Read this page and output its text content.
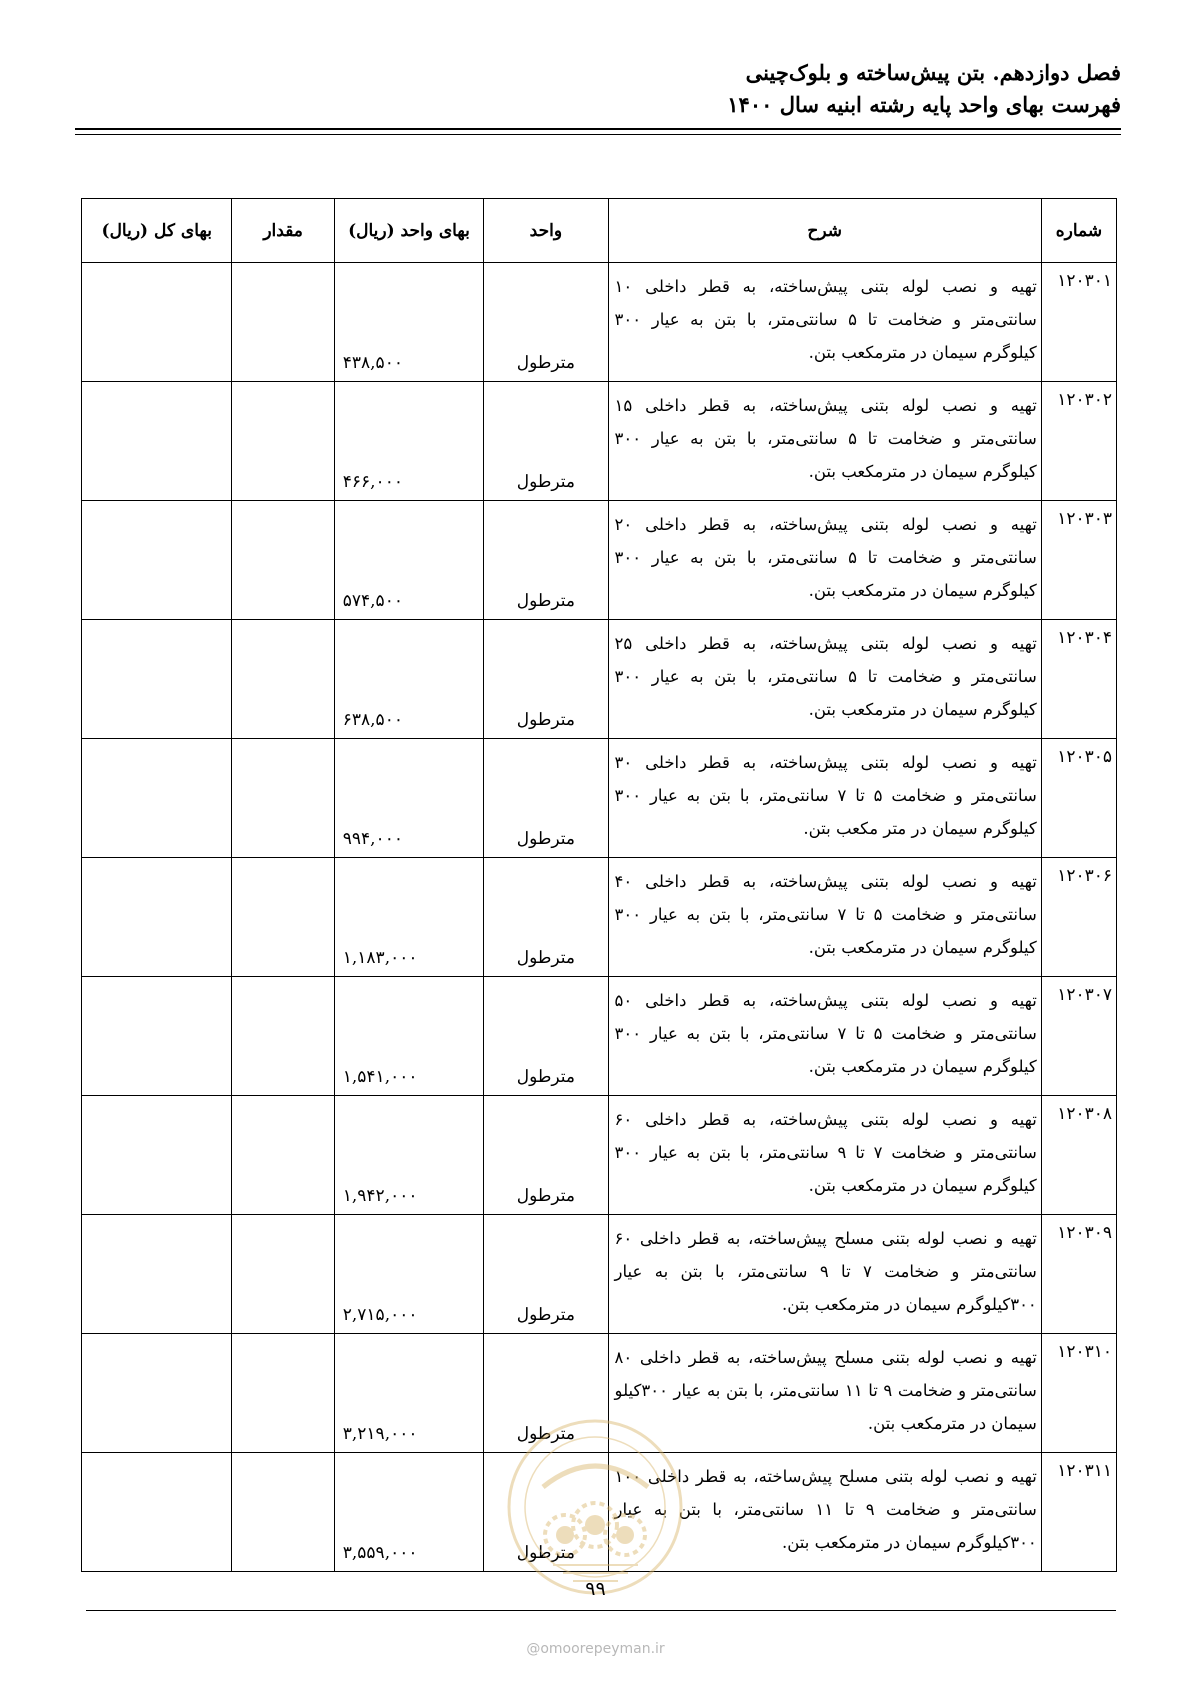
فصل دوازدهم. بتن پیش‌ساخته و بلوک‌چینی
فهرست بهای واحد پایه رشته ابنیه سال ۱۴۰۰
شماره	شرح	واحد	بهای واحد (ریال)	مقدار	بهای کل (ریال)
۱۲۰۳۰۱	تهیه و نصب لوله بتنی پیش‌ساخته، به قطر داخلی ۱۰ سانتی‌متر و ضخامت تا ۵ سانتی‌متر، با بتن به عیار ۳۰۰ کیلوگرم سیمان در مترمکعب بتن.	مترطول	۴۳۸,۵۰۰		
۱۲۰۳۰۲	تهیه و نصب لوله بتنی پیش‌ساخته، به قطر داخلی ۱۵ سانتی‌متر و ضخامت تا ۵ سانتی‌متر، با بتن به عیار ۳۰۰ کیلوگرم سیمان در مترمکعب بتن.	مترطول	۴۶۶,۰۰۰		
۱۲۰۳۰۳	تهیه و نصب لوله بتنی پیش‌ساخته، به قطر داخلی ۲۰ سانتی‌متر و ضخامت تا ۵ سانتی‌متر، با بتن به عیار ۳۰۰ کیلوگرم سیمان در مترمکعب بتن.	مترطول	۵۷۴,۵۰۰		
۱۲۰۳۰۴	تهیه و نصب لوله بتنی پیش‌ساخته، به قطر داخلی ۲۵ سانتی‌متر و ضخامت تا ۵ سانتی‌متر، با بتن به عیار ۳۰۰ کیلوگرم سیمان در مترمکعب بتن.	مترطول	۶۳۸,۵۰۰		
۱۲۰۳۰۵	تهیه و نصب لوله بتنی پیش‌ساخته، به قطر داخلی ۳۰ سانتی‌متر و ضخامت ۵ تا ۷ سانتی‌متر، با بتن به عیار ۳۰۰ کیلوگرم سیمان در متر مکعب بتن.	مترطول	۹۹۴,۰۰۰		
۱۲۰۳۰۶	تهیه و نصب لوله بتنی پیش‌ساخته، به قطر داخلی ۴۰ سانتی‌متر و ضخامت ۵ تا ۷ سانتی‌متر، با بتن به عیار ۳۰۰ کیلوگرم سیمان در مترمکعب بتن.	مترطول	۱,۱۸۳,۰۰۰		
۱۲۰۳۰۷	تهیه و نصب لوله بتنی پیش‌ساخته، به قطر داخلی ۵۰ سانتی‌متر و ضخامت ۵ تا ۷ سانتی‌متر، با بتن به عیار ۳۰۰ کیلوگرم سیمان در مترمکعب بتن.	مترطول	۱,۵۴۱,۰۰۰		
۱۲۰۳۰۸	تهیه و نصب لوله بتنی پیش‌ساخته، به قطر داخلی ۶۰ سانتی‌متر و ضخامت ۷ تا ۹ سانتی‌متر، با بتن به عیار ۳۰۰ کیلوگرم سیمان در مترمکعب بتن.	مترطول	۱,۹۴۲,۰۰۰		
۱۲۰۳۰۹	تهیه و نصب لوله بتنی مسلح پیش‌ساخته، به قطر داخلی ۶۰ سانتی‌متر و ضخامت ۷ تا ۹ سانتی‌متر، با بتن به عیار ۳۰۰کیلوگرم سیمان در مترمکعب بتن.	مترطول	۲,۷۱۵,۰۰۰		
۱۲۰۳۱۰	تهیه و نصب لوله بتنی مسلح پیش‌ساخته، به قطر داخلی ۸۰ سانتی‌متر و ضخامت ۹ تا ۱۱ سانتی‌متر، با بتن به عیار ۳۰۰کیلو سیمان در مترمکعب بتن.	مترطول	۳,۲۱۹,۰۰۰		
۱۲۰۳۱۱	تهیه و نصب لوله بتنی مسلح پیش‌ساخته، به قطر داخلی ۱۰۰ سانتی‌متر و ضخامت ۹ تا ۱۱ سانتی‌متر، با بتن به عیار ۳۰۰کیلوگرم سیمان در مترمکعب بتن.	مترطول	۳,۵۵۹,۰۰۰		
۹۹
@omoorepeyman.ir
